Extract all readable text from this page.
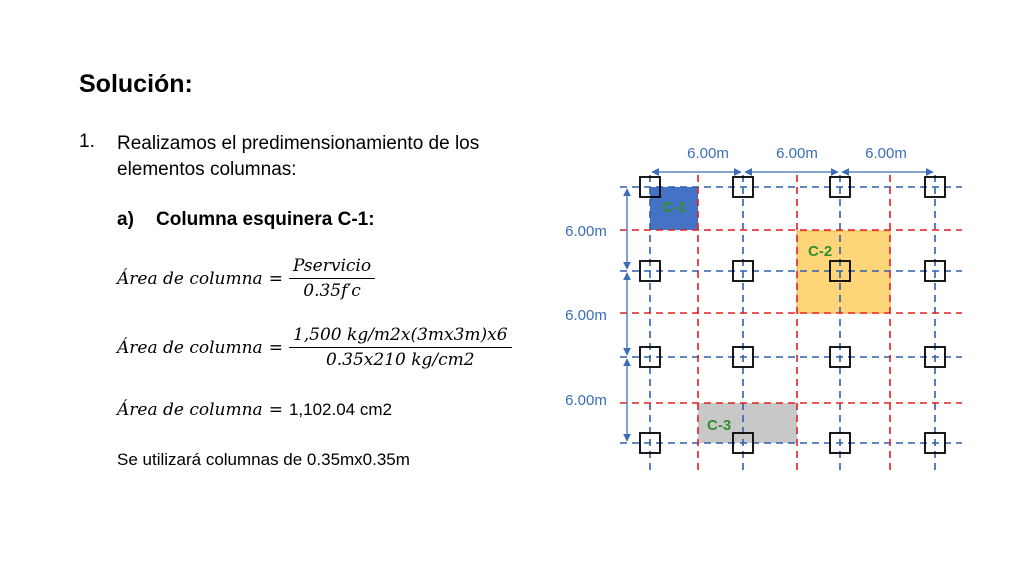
Solución:
1. Realizamos el predimensionamiento de los elementos columnas:
a) Columna esquinera C-1:
Área de columna = $\frac{\text{Pservicio}}{0.35f'c}$
Área de columna = $\frac{1,500 kg/m2x(3mx3m)x6}{0.35x210 kg/cm2}$
Área de columna = 1,102.04 cm2
Se utilizará columnas de 0.35mx0.35m
6.00m	6.00m	6.00m
6.00m
6.00m
6.00m
C-1
C-2
C-3
